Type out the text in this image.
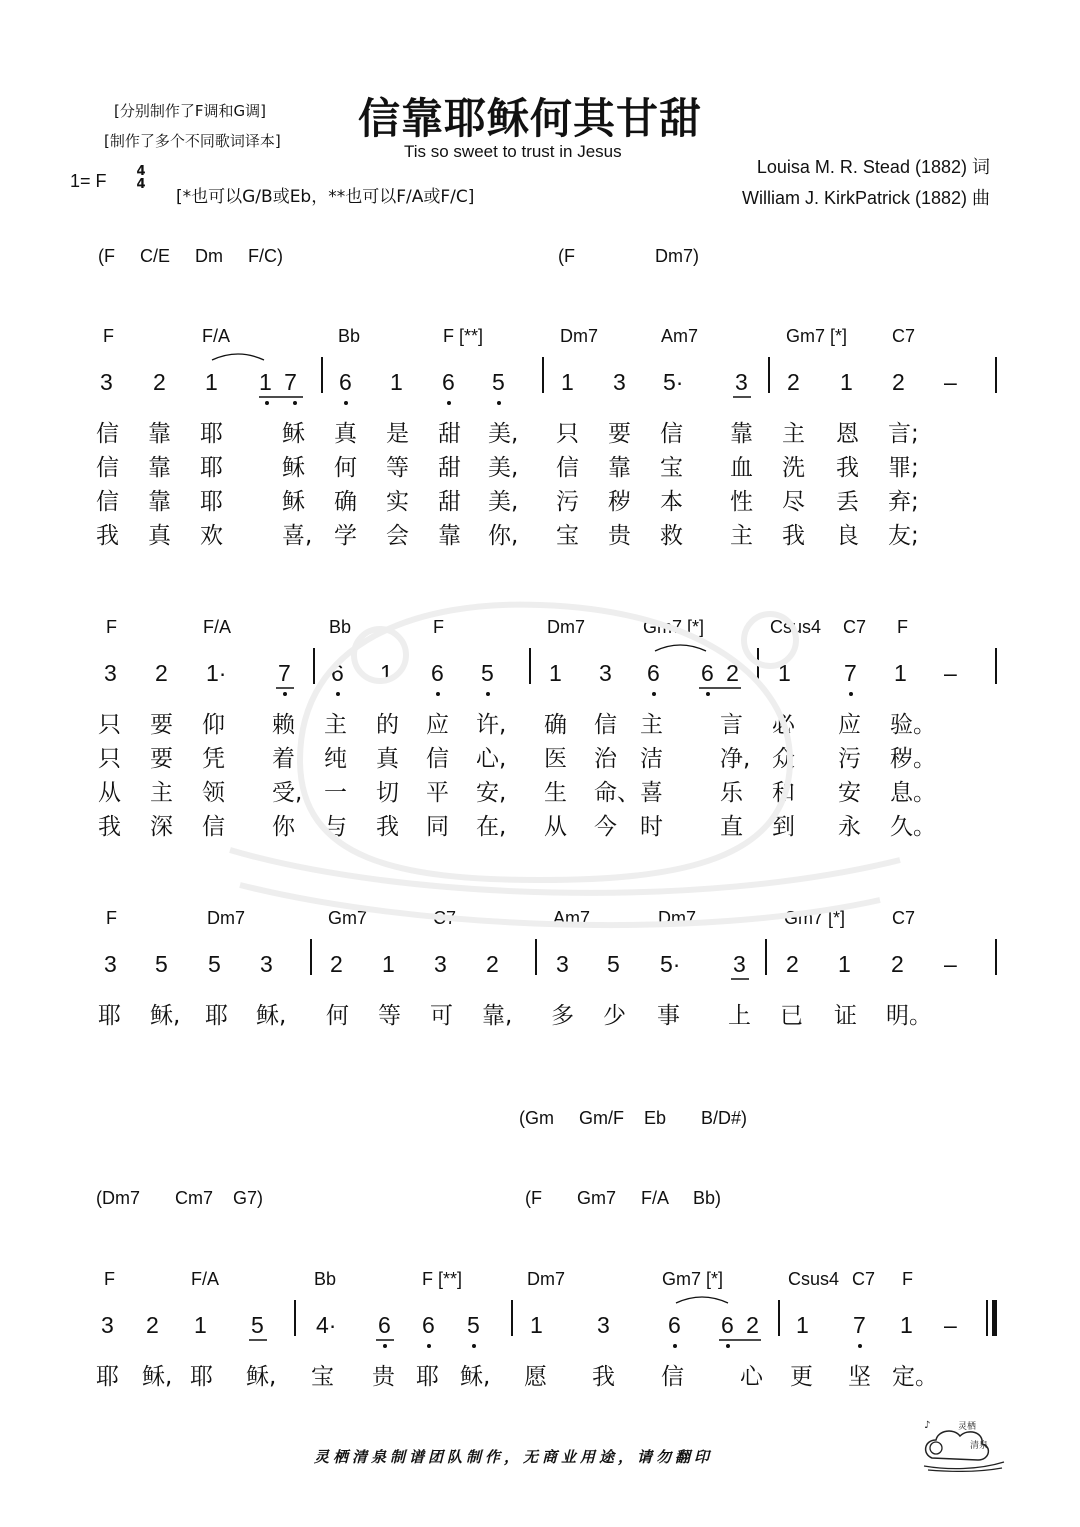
信靠耶稣何其甘甜
Tis so sweet to trust in Jesus
[分别制作了F调和G调]
[制作了多个不同歌词译本]
1= F 4
4
[*也可以G/B或Eb，**也可以F/A或F/C]
Louisa M. R. Stead (1882) 词
William J. KirkPatrick (1882) 曲
(F     C/E     Dm     F/C)	(F                Dm7)
F	F/A	Bb	F [**]	Dm7	Am7	Gm7 [*] C7
3 2 1 1 7 6 1 6 5 1 3 5· 3 2 1 2 –
F	F/A	Bb	F	Dm7	Gm7 [*]	Csus4 C7 F
3 2 1· 7 6 1 6 5 1 3 6 6 2 1 7 1 –
F	Dm7	Gm7	C7	Am7	Dm7	Gm7 [*]	C7
3 5 5 3 2 1 3 2 3 5 5· 3 2 1 2 –
(Gm     Gm/F    Eb       B/D#)
(Dm7       Cm7    G7)	(F       Gm7     F/A     Bb)
F	F/A	Bb	F [**]	Dm7	Gm7 [*]	Csus4 C7 F
3 2 1 5 4· 6 6 5 1 3	6 6 2 1 7 1 –
信 靠 耶	稣 真 是 甜 美, 只 要 信 靠 主 恩 言;
信 靠 耶	稣 何 等 甜 美, 信 靠 宝 血 洗 我 罪;
信 靠 耶	稣 确 实 甜 美, 污 秽 本 性 尽 丢 弃;
我 真 欢	喜, 学 会 靠 你, 宝 贵 救 主 我 良 友;
只 要 仰 赖 主 的 应 许, 确 信 主 言 必 应 验。
只 要 凭 着 纯 真 信 心, 医 治 洁 净, 众 污 秽。
从 主 领 受, 一 切 平 安, 生 命、 喜 乐 和 安 息。
我 深 信 你 与 我 同 在, 从 今 时 直 到 永 久。
耶 稣, 耶 稣, 何 等 可 靠, 多 少 事 上 已 证 明。
耶 稣, 耶 稣, 宝 贵 耶 稣, 愿 我 信 心 更 坚 定。
灵栖清泉制谱团队制作，无商业用途，请勿翻印
灵栖
清泉
♪
